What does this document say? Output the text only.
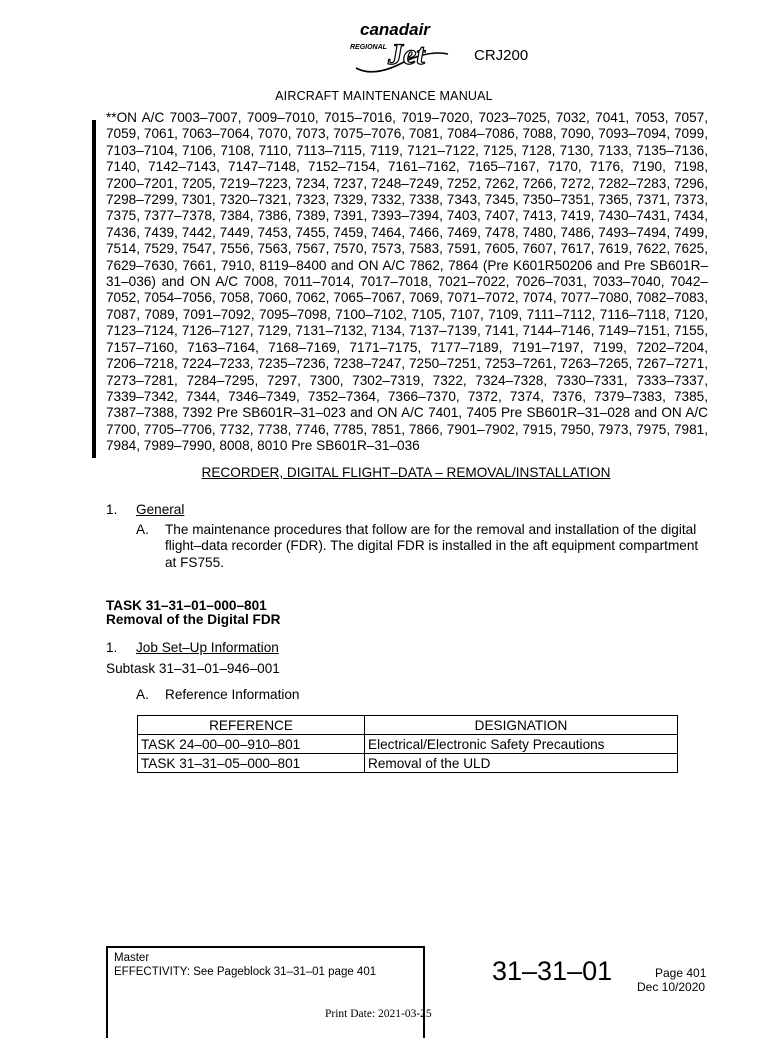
canadair
REGIONAL Jet	CRJ200
AIRCRAFT MAINTENANCE MANUAL
**ON A/C 7003–7007, 7009–7010, 7015–7016, 7019–7020, 7023–7025, 7032, 7041, 7053, 7057, 7059, 7061, 7063–7064, 7070, 7073, 7075–7076, 7081, 7084–7086, 7088, 7090, 7093–7094, 7099, 7103–7104, 7106, 7108, 7110, 7113–7115, 7119, 7121–7122, 7125, 7128, 7130, 7133, 7135–7136, 7140, 7142–7143, 7147–7148, 7152–7154, 7161–7162, 7165–7167, 7170, 7176, 7190, 7198, 7200–7201, 7205, 7219–7223, 7234, 7237, 7248–7249, 7252, 7262, 7266, 7272, 7282–7283, 7296, 7298–7299, 7301, 7320–7321, 7323, 7329, 7332, 7338, 7343, 7345, 7350–7351, 7365, 7371, 7373, 7375, 7377–7378, 7384, 7386, 7389, 7391, 7393–7394, 7403, 7407, 7413, 7419, 7430–7431, 7434, 7436, 7439, 7442, 7449, 7453, 7455, 7459, 7464, 7466, 7469, 7478, 7480, 7486, 7493–7494, 7499, 7514, 7529, 7547, 7556, 7563, 7567, 7570, 7573, 7583, 7591, 7605, 7607, 7617, 7619, 7622, 7625, 7629–7630, 7661, 7910, 8119–8400 and ON A/C 7862, 7864 (Pre K601R50206 and Pre SB601R–31–036) and ON A/C 7008, 7011–7014, 7017–7018, 7021–7022, 7026–7031, 7033–7040, 7042–7052, 7054–7056, 7058, 7060, 7062, 7065–7067, 7069, 7071–7072, 7074, 7077–7080, 7082–7083, 7087, 7089, 7091–7092, 7095–7098, 7100–7102, 7105, 7107, 7109, 7111–7112, 7116–7118, 7120, 7123–7124, 7126–7127, 7129, 7131–7132, 7134, 7137–7139, 7141, 7144–7146, 7149–7151, 7155, 7157–7160, 7163–7164, 7168–7169, 7171–7175, 7177–7189, 7191–7197, 7199, 7202–7204, 7206–7218, 7224–7233, 7235–7236, 7238–7247, 7250–7251, 7253–7261, 7263–7265, 7267–7271, 7273–7281, 7284–7295, 7297, 7300, 7302–7319, 7322, 7324–7328, 7330–7331, 7333–7337, 7339–7342, 7344, 7346–7349, 7352–7364, 7366–7370, 7372, 7374, 7376, 7379–7383, 7385, 7387–7388, 7392 Pre SB601R–31–023 and ON A/C 7401, 7405 Pre SB601R–31–028 and ON A/C 7700, 7705–7706, 7732, 7738, 7746, 7785, 7851, 7866, 7901–7902, 7915, 7950, 7973, 7975, 7981, 7984, 7989–7990, 8008, 8010 Pre SB601R–31–036
RECORDER, DIGITAL FLIGHT–DATA – REMOVAL/INSTALLATION
1. General
A. The maintenance procedures that follow are for the removal and installation of the digital flight–data recorder (FDR). The digital FDR is installed in the aft equipment compartment at FS755.
TASK 31–31–01–000–801
Removal of the Digital FDR
1. Job Set–Up Information
Subtask 31–31–01–946–001
A. Reference Information
REFERENCE	DESIGNATION
TASK 24–00–00–910–801	Electrical/Electronic Safety Precautions
TASK 31–31–05–000–801	Removal of the ULD
Master
EFFECTIVITY: See Pageblock 31–31–01 page 401	31–31–01	Page 401
Dec 10/2020
Print Date: 2021-03-25
